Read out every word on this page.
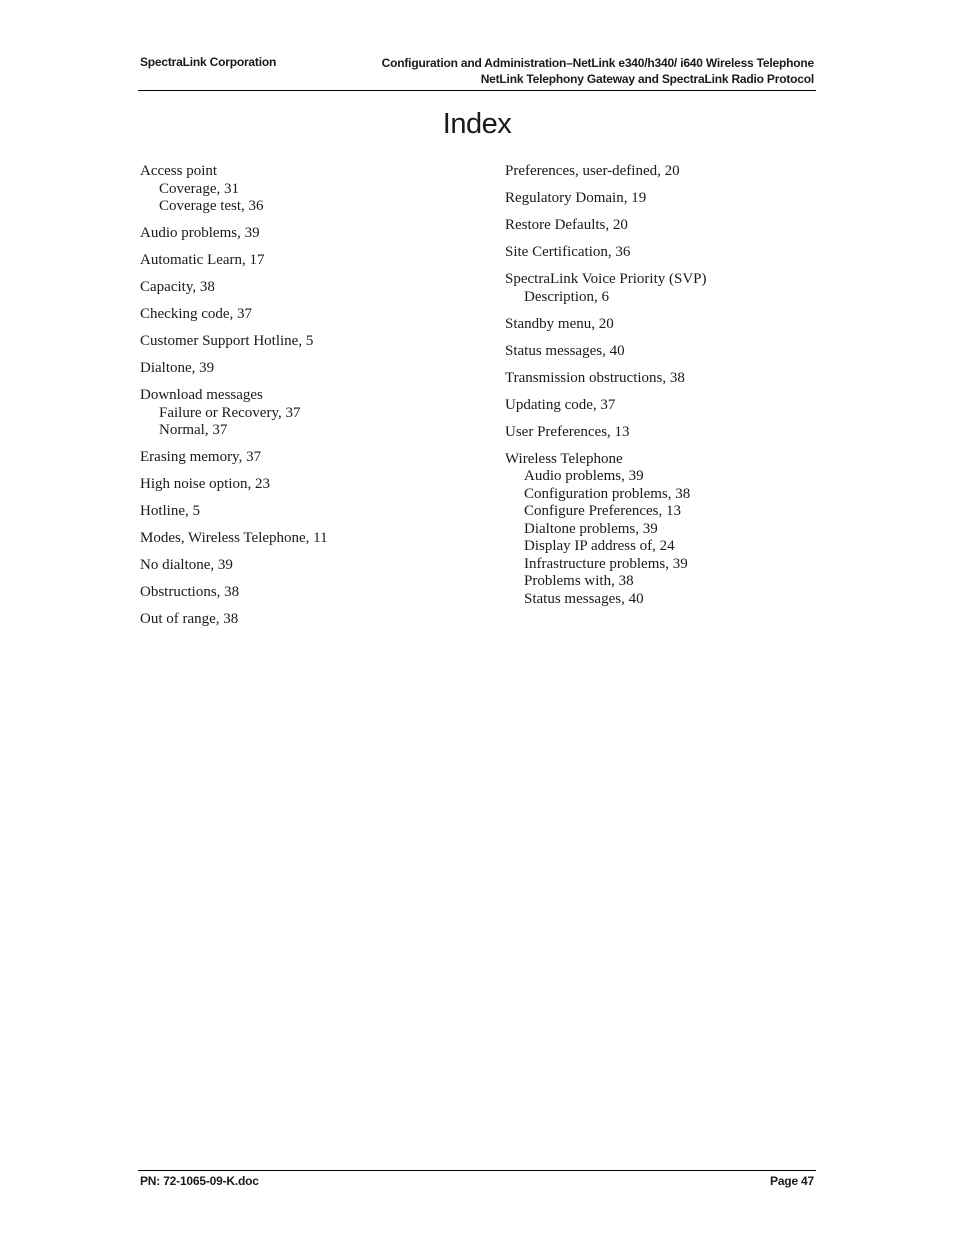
SpectraLink Corporation	Configuration and Administration–NetLink e340/h340/ i640 Wireless Telephone
NetLink Telephony Gateway and SpectraLink Radio Protocol
Index
Access point
Coverage, 31
Coverage test, 36
Audio problems, 39
Automatic Learn, 17
Capacity, 38
Checking code, 37
Customer Support Hotline, 5
Dialtone, 39
Download messages
Failure or Recovery, 37
Normal, 37
Erasing memory, 37
High noise option, 23
Hotline, 5
Modes, Wireless Telephone, 11
No dialtone, 39
Obstructions, 38
Out of range, 38
Preferences, user-defined, 20
Regulatory Domain, 19
Restore Defaults, 20
Site Certification, 36
SpectraLink Voice Priority (SVP)
Description, 6
Standby menu, 20
Status messages, 40
Transmission obstructions, 38
Updating code, 37
User Preferences, 13
Wireless Telephone
Audio problems, 39
Configuration problems, 38
Configure Preferences, 13
Dialtone problems, 39
Display IP address of, 24
Infrastructure problems, 39
Problems with, 38
Status messages, 40
PN: 72-1065-09-K.doc	Page 47
